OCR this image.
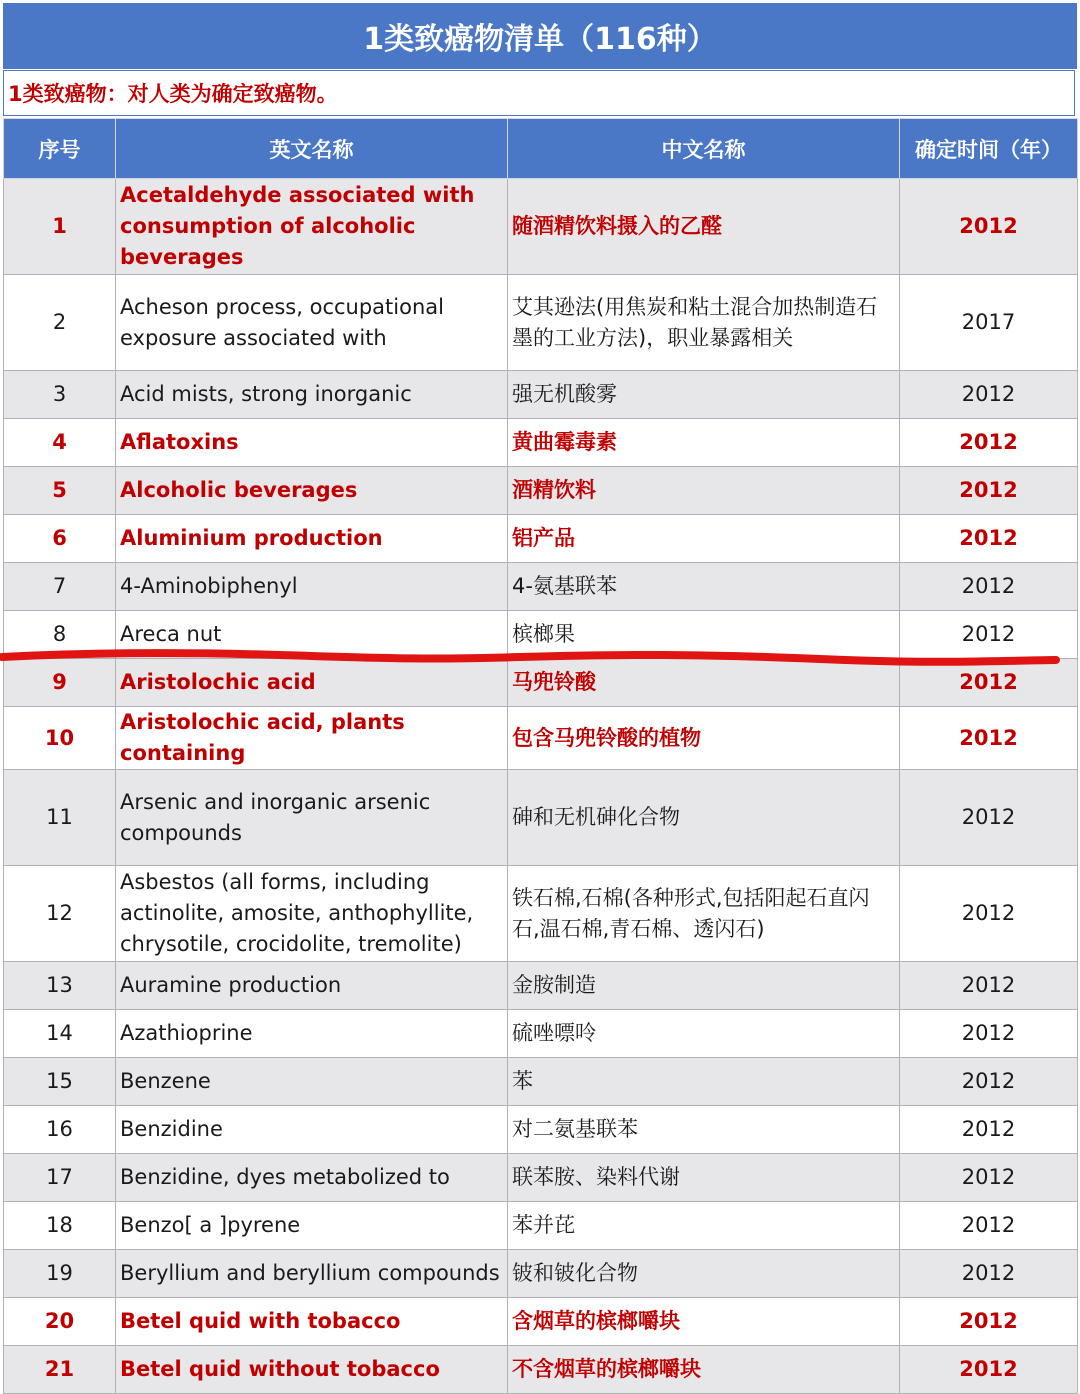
1类致癌物清单（116种）
1类致癌物：对人类为确定致癌物。
序号	英文名称	中文名称	确定时间（年）
1	Acetaldehyde associated with consumption of alcoholic beverages	随酒精饮料摄入的乙醛	2012
2	Acheson process, occupational exposure associated with	艾其逊法(用焦炭和粘土混合加热制造石墨的工业方法)，职业暴露相关	2017
3	Acid mists, strong inorganic	强无机酸雾	2012
4	Aflatoxins	黄曲霉毒素	2012
5	Alcoholic beverages	酒精饮料	2012
6	Aluminium production	铝产品	2012
7	4-Aminobiphenyl	4-氨基联苯	2012
8	Areca nut	槟榔果	2012
9	Aristolochic acid	马兜铃酸	2012
10	Aristolochic acid, plants containing	包含马兜铃酸的植物	2012
11	Arsenic and inorganic arsenic compounds	砷和无机砷化合物	2012
12	Asbestos (all forms, including actinolite, amosite, anthophyllite, chrysotile, crocidolite, tremolite)	铁石棉,石棉(各种形式,包括阳起石直闪石,温石棉,青石棉、透闪石)	2012
13	Auramine production	金胺制造	2012
14	Azathioprine	硫唑嘌呤	2012
15	Benzene	苯	2012
16	Benzidine	对二氨基联苯	2012
17	Benzidine, dyes metabolized to	联苯胺、染料代谢	2012
18	Benzo[ a ]pyrene	苯并芘	2012
19	Beryllium and beryllium compounds	铍和铍化合物	2012
20	Betel quid with tobacco	含烟草的槟榔嚼块	2012
21	Betel quid without tobacco	不含烟草的槟榔嚼块	2012
